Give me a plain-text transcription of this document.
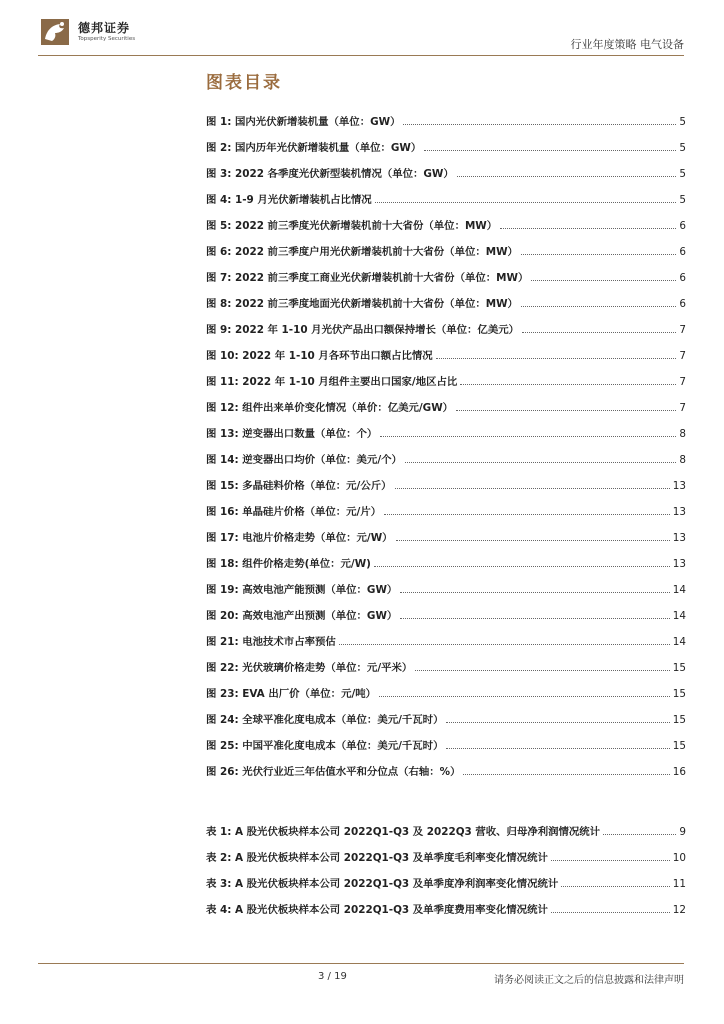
德邦证券
Topsperity Securities	行业年度策略 电气设备
图表目录
图 1: 国内光伏新增装机量（单位：GW）	5
图 2: 国内历年光伏新增装机量（单位：GW）	5
图 3: 2022 各季度光伏新型装机情况（单位：GW）	5
图 4: 1-9 月光伏新增装机占比情况	5
图 5: 2022 前三季度光伏新增装机前十大省份（单位：MW）	6
图 6: 2022 前三季度户用光伏新增装机前十大省份（单位：MW）	6
图 7: 2022 前三季度工商业光伏新增装机前十大省份（单位：MW）	6
图 8: 2022 前三季度地面光伏新增装机前十大省份（单位：MW）	6
图 9: 2022 年 1-10 月光伏产品出口额保持增长（单位：亿美元）	7
图 10: 2022 年 1-10 月各环节出口额占比情况	7
图 11: 2022 年 1-10 月组件主要出口国家/地区占比	7
图 12: 组件出来单价变化情况（单价：亿美元/GW）	7
图 13: 逆变器出口数量（单位：个）	8
图 14: 逆变器出口均价（单位：美元/个）	8
图 15: 多晶硅料价格（单位：元/公斤）	13
图 16: 单晶硅片价格（单位：元/片）	13
图 17: 电池片价格走势（单位：元/W）	13
图 18: 组件价格走势(单位：元/W)	13
图 19: 高效电池产能预测（单位：GW）	14
图 20: 高效电池产出预测（单位：GW）	14
图 21: 电池技术市占率预估	14
图 22: 光伏玻璃价格走势（单位：元/平米）	15
图 23: EVA 出厂价（单位：元/吨）	15
图 24: 全球平准化度电成本（单位：美元/千瓦时）	15
图 25: 中国平准化度电成本（单位：美元/千瓦时）	15
图 26: 光伏行业近三年估值水平和分位点（右轴：%）	16
表 1: A 股光伏板块样本公司 2022Q1-Q3 及 2022Q3 营收、归母净利润情况统计	9
表 2: A 股光伏板块样本公司 2022Q1-Q3 及单季度毛利率变化情况统计	10
表 3: A 股光伏板块样本公司 2022Q1-Q3 及单季度净利润率变化情况统计	11
表 4: A 股光伏板块样本公司 2022Q1-Q3 及单季度费用率变化情况统计	12
3 / 19	请务必阅读正文之后的信息披露和法律声明
